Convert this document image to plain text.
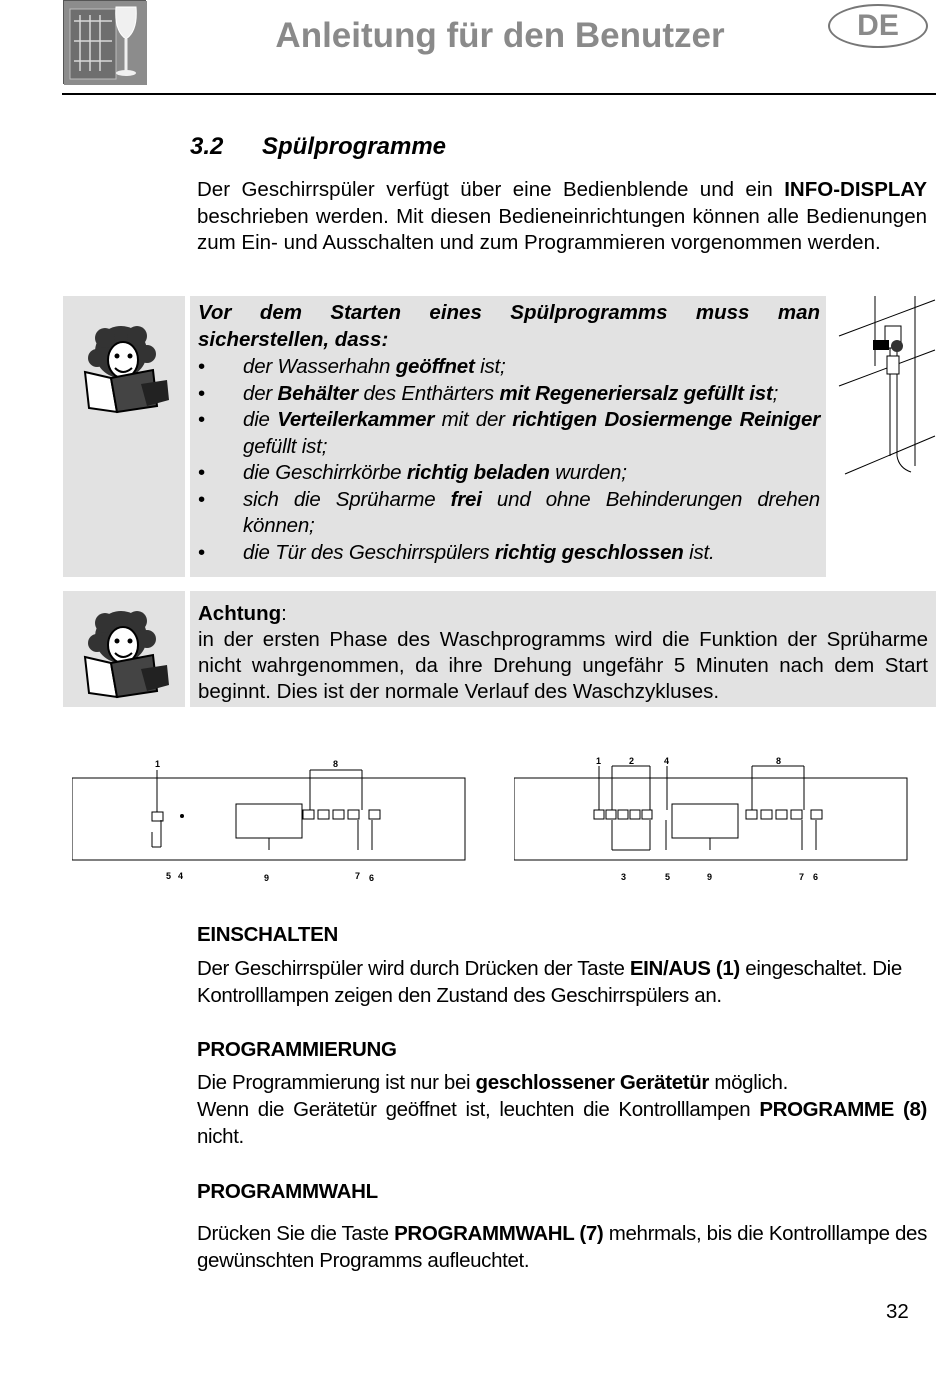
Anleitung für den Benutzer	DE
3.2 Spülprogramme
Der Geschirrspüler verfügt über eine Bedienblende und ein INFO-DISPLAY beschrieben werden. Mit diesen Bedieneinrichtungen können alle Bedienungen zum Ein- und Ausschalten und zum Programmieren vorgenommen werden.
Vor dem Starten eines Spülprogramms muss man sicherstellen, dass:
• der Wasserhahn geöffnet ist;
• der Behälter des Enthärters mit Regeneriersalz gefüllt ist;
• die Verteilerkammer mit der richtigen Dosiermenge Reiniger gefüllt ist;
• die Geschirrkörbe richtig beladen wurden;
• sich die Sprüharme frei und ohne Behinderungen drehen können;
• die Tür des Geschirrspülers richtig geschlossen ist.
Achtung:
in der ersten Phase des Waschprogramms wird die Funktion der Sprüharme nicht wahrgenommen, da ihre Drehung ungefähr 5 Minuten nach dem Start beginnt. Dies ist der normale Verlauf des Waschzykluses.
1	8
5 4	9	7 6
1	2	4	8
3	5	9	7 6
EINSCHALTEN
Der Geschirrspüler wird durch Drücken der Taste EIN/AUS (1) eingeschaltet. Die Kontrolllampen zeigen den Zustand des Geschirrspülers an.
PROGRAMMIERUNG
Die Programmierung ist nur bei geschlossener Gerätetür möglich.
Wenn die Gerätetür geöffnet ist, leuchten die Kontrolllampen PROGRAMME (8) nicht.
PROGRAMMWAHL
Drücken Sie die Taste PROGRAMMWAHL (7) mehrmals, bis die Kontrolllampe des gewünschten Programms aufleuchtet.
32
